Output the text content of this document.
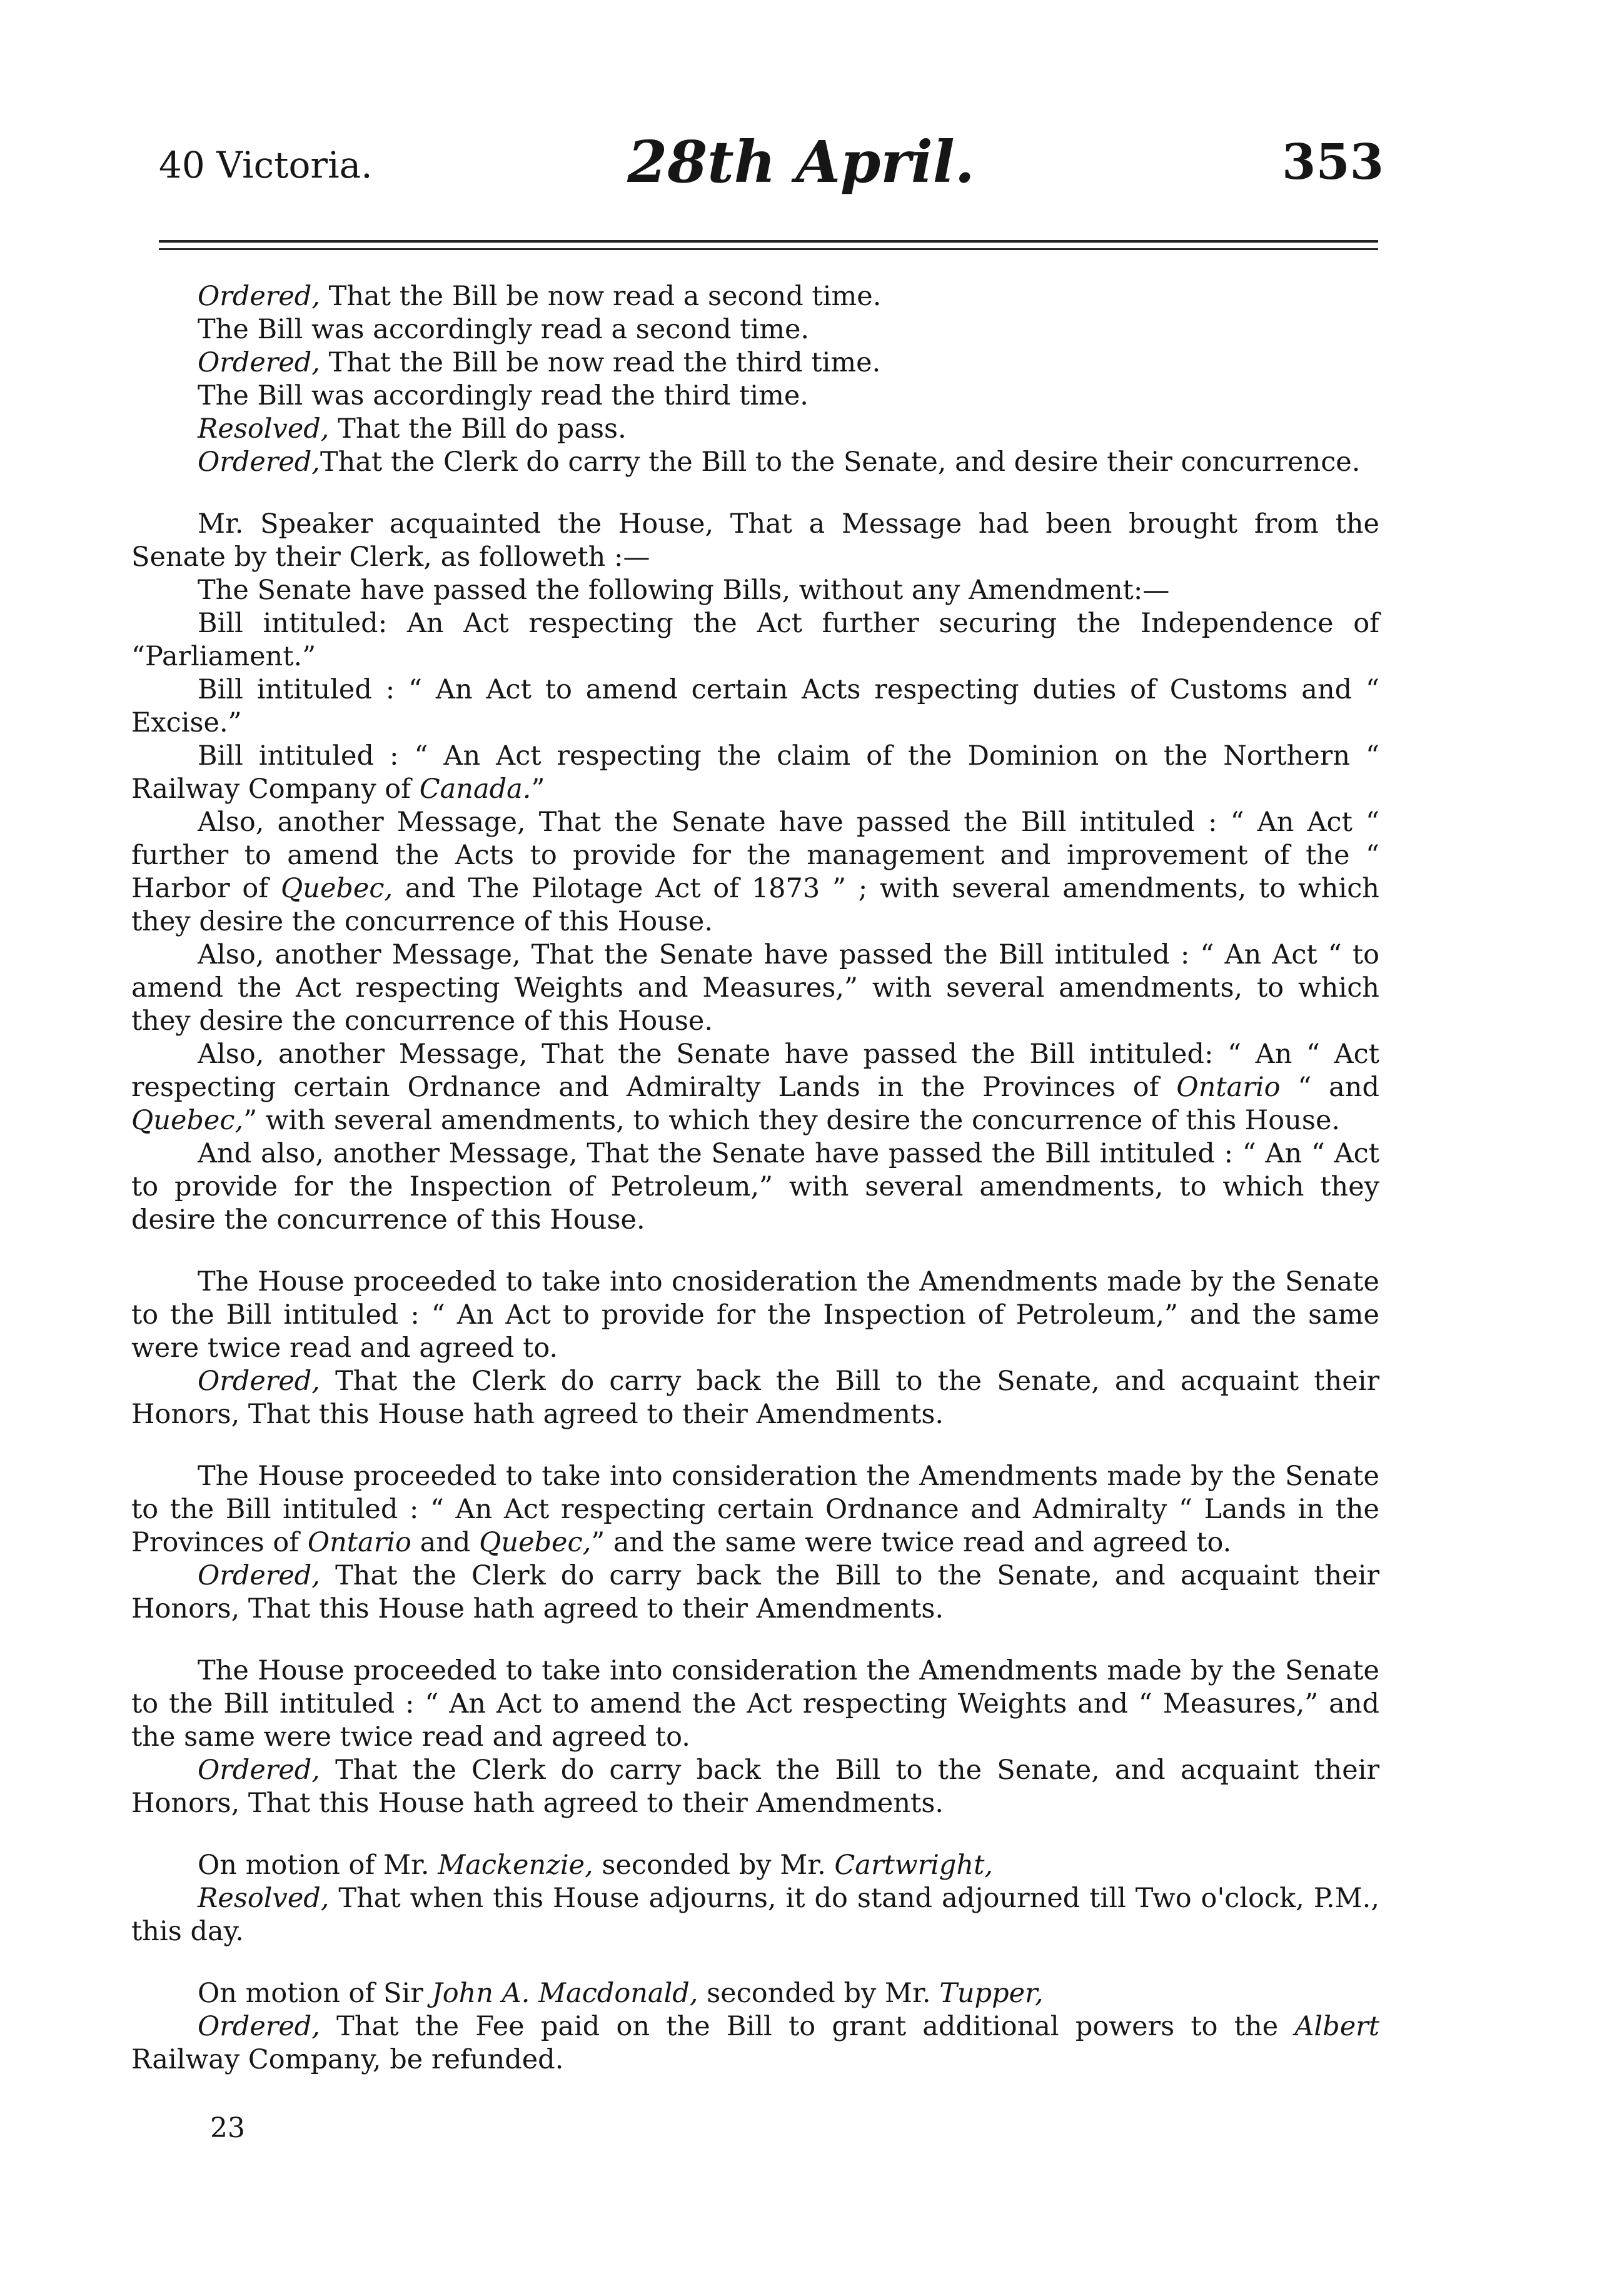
40 Victoria.	28th April.	353

Ordered, That the Bill be now read a second time.

The Bill was accordingly read a second time.

Ordered, That the Bill be now read the third time.

The Bill was accordingly read the third time.

Resolved, That the Bill do pass.

Ordered,That the Clerk do carry the Bill to the Senate, and desire their concurrence.

Mr. Speaker acquainted the House, That a Message had been brought from the Senate by their Clerk, as followeth :—

The Senate have passed the following Bills, without any Amendment:—

Bill intituled: An Act respecting the Act further securing the Independence of “Parliament.”

Bill intituled : “ An Act to amend certain Acts respecting duties of Customs and “ Excise.”

Bill intituled : “ An Act respecting the claim of the Dominion on the Northern “ Railway Company of Canada.”

Also, another Message, That the Senate have passed the Bill intituled : “ An Act “ further to amend the Acts to provide for the management and improvement of the “ Harbor of Quebec, and The Pilotage Act of 1873 ” ; with several amendments, to which they desire the concurrence of this House.

Also, another Message, That the Senate have passed the Bill intituled : “ An Act “ to amend the Act respecting Weights and Measures,” with several amendments, to which they desire the concurrence of this House.

Also, another Message, That the Senate have passed the Bill intituled: “ An “ Act respecting certain Ordnance and Admiralty Lands in the Provinces of Ontario “ and Quebec,” with several amendments, to which they desire the concurrence of this House.

And also, another Message, That the Senate have passed the Bill intituled : “ An “ Act to provide for the Inspection of Petroleum,” with several amendments, to which they desire the concurrence of this House.

The House proceeded to take into cnosideration the Amendments made by the Senate to the Bill intituled : “ An Act to provide for the Inspection of Petroleum,” and the same were twice read and agreed to.

Ordered, That the Clerk do carry back the Bill to the Senate, and acquaint their Honors, That this House hath agreed to their Amendments.

The House proceeded to take into consideration the Amendments made by the Senate to the Bill intituled : “ An Act respecting certain Ordnance and Admiralty “ Lands in the Provinces of Ontario and Quebec,” and the same were twice read and agreed to.

Ordered, That the Clerk do carry back the Bill to the Senate, and acquaint their Honors, That this House hath agreed to their Amendments.

The House proceeded to take into consideration the Amendments made by the Senate to the Bill intituled : “ An Act to amend the Act respecting Weights and “ Measures,” and the same were twice read and agreed to.

Ordered, That the Clerk do carry back the Bill to the Senate, and acquaint their Honors, That this House hath agreed to their Amendments.

On motion of Mr. Mackenzie, seconded by Mr. Cartwright,

Resolved, That when this House adjourns, it do stand adjourned till Two o'clock, P.M., this day.

On motion of Sir John A. Macdonald, seconded by Mr. Tupper,

Ordered, That the Fee paid on the Bill to grant additional powers to the Albert Railway Company, be refunded.

23
